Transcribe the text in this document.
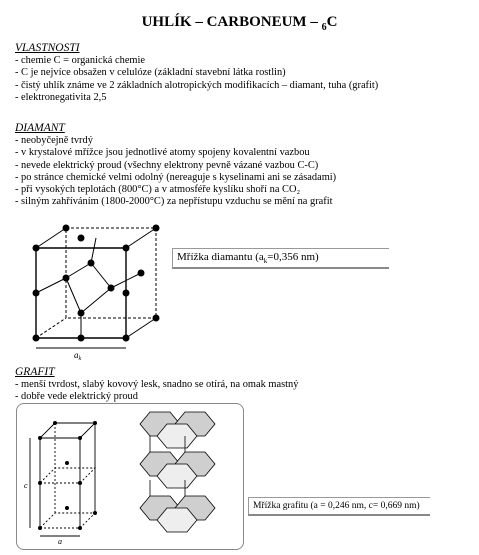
UHLÍK – CARBONEUM – $_6$C
VLASTNOSTI
- chemie C = organická chemie
- C je nejvíce obsažen v celulóze (základní stavební látka rostlin)
- čistý uhlík známe ve 2 základních alotropických modifikacích – diamant, tuha (grafit)
- elektronegativita 2,5
DIAMANT
- neobyčejně tvrdý
- v krystalové mřížce jsou jednotlivé atomy spojeny kovalentní vazbou
- nevede elektrický proud (všechny elektrony pevně vázané vazbou C-C)
- po stránce chemické velmi odolný (nereaguje s kyselinami ani se zásadami)
- při vysokých teplotách (800°C) a v atmosféře kyslíku shoří na CO₂
- silným zahříváním (1800-2000°C) za nepřístupu vzduchu se mění na grafit
$a_k$
Mřížka diamantu ($a_k=0,356$ nm)
GRAFIT
- menší tvrdost, slabý kovový lesk, snadno se otírá, na omak mastný
- dobře vede elektrický proud
c
a
Mřížka grafitu (a = 0,246 nm, c= 0,669 nm)
